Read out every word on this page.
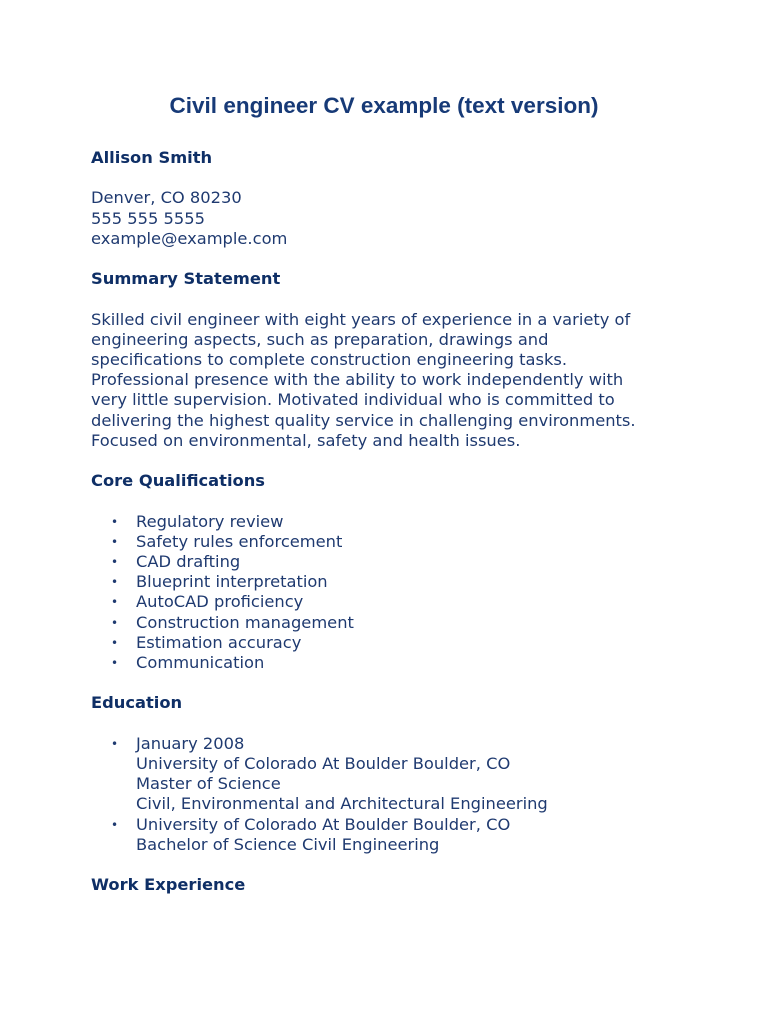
Civil engineer CV example (text version)

Allison Smith

Denver, CO 80230

555 555 5555

example@example.com

Summary Statement

Skilled civil engineer with eight years of experience in a variety of
engineering aspects, such as preparation, drawings and
specifications to complete construction engineering tasks.
Professional presence with the ability to work independently with
very little supervision. Motivated individual who is committed to
delivering the highest quality service in challenging environments.
Focused on environmental, safety and health issues.

Core Qualifications

• Regulatory review
• Safety rules enforcement
• CAD drafting
• Blueprint interpretation
• AutoCAD proficiency
• Construction management
• Estimation accuracy
• Communication

Education

• January 2008
University of Colorado At Boulder Boulder, CO
Master of Science
Civil, Environmental and Architectural Engineering
• University of Colorado At Boulder Boulder, CO
Bachelor of Science Civil Engineering

Work Experience
